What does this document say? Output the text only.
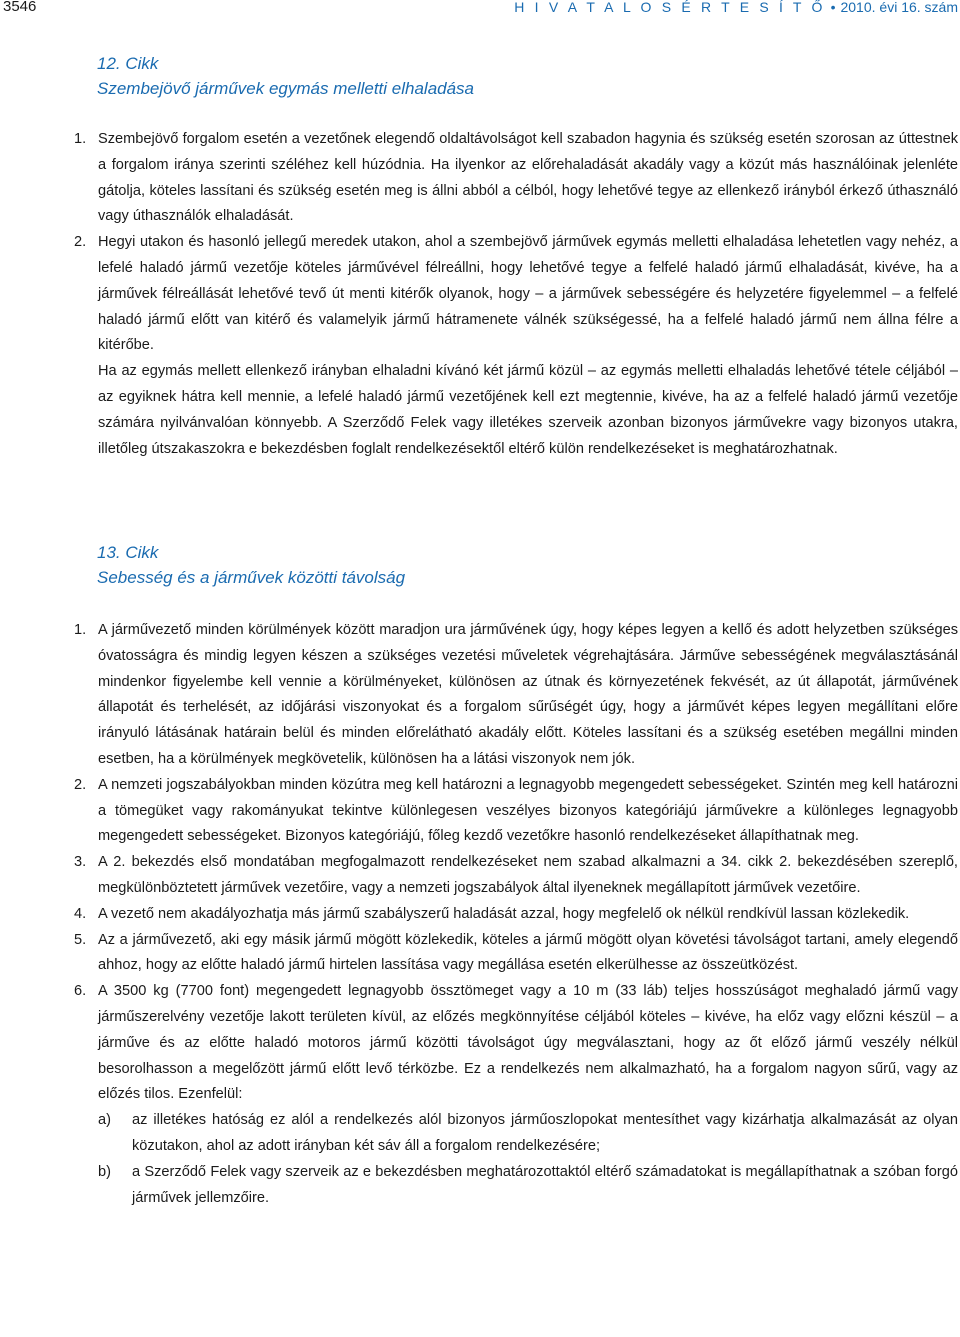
3546	H I V A T A L O S É R T E S Í T Ő • 2010. évi 16. szám
12. Cikk
Szembejövő járművek egymás melletti elhaladása

1. Szembejövő forgalom esetén a vezetőnek elegendő oldaltávolságot kell szabadon hagynia és szükség esetén szorosan az úttestnek a forgalom iránya szerinti széléhez kell húzódnia. Ha ilyenkor az előrehaladását akadály vagy a közút más használóinak jelenléte gátolja, köteles lassítani és szükség esetén meg is állni abból a célból, hogy lehetővé tegye az ellenkező irányból érkező úthasználó vagy úthasználók elhaladását.

2. Hegyi utakon és hasonló jellegű meredek utakon, ahol a szembejövő járművek egymás melletti elhaladása lehetetlen vagy nehéz, a lefelé haladó jármű vezetője köteles járművével félreállni, hogy lehetővé tegye a felfelé haladó jármű elhaladását, kivéve, ha a járművek félreállását lehetővé tevő út menti kitérők olyanok, hogy – a járművek sebességére és helyzetére figyelemmel – a felfelé haladó jármű előtt van kitérő és valamelyik jármű hátramenete válnék szükségessé, ha a felfelé haladó jármű nem állna félre a kitérőbe.

Ha az egymás mellett ellenkező irányban elhaladni kívánó két jármű közül – az egymás melletti elhaladás lehetővé tétele céljából – az egyiknek hátra kell mennie, a lefelé haladó jármű vezetőjének kell ezt megtennie, kivéve, ha az a felfelé haladó jármű vezetője számára nyilvánvalóan könnyebb. A Szerződő Felek vagy illetékes szerveik azonban bizonyos járművekre vagy bizonyos utakra, illetőleg útszakaszokra e bekezdésben foglalt rendelkezésektől eltérő külön rendelkezéseket is meghatározhatnak.

13. Cikk
Sebesség és a járművek közötti távolság

1. A járművezető minden körülmények között maradjon ura járművének úgy, hogy képes legyen a kellő és adott helyzetben szükséges óvatosságra és mindig legyen készen a szükséges vezetési műveletek végrehajtására. Járműve sebességének megválasztásánál mindenkor figyelembe kell vennie a körülményeket, különösen az útnak és környezetének fekvését, az út állapotát, járművének állapotát és terhelését, az időjárási viszonyokat és a forgalom sűrűségét úgy, hogy a járművét képes legyen megállítani előre irányuló látásának határain belül és minden előrelátható akadály előtt. Köteles lassítani és a szükség esetében megállni minden esetben, ha a körülmények megkövetelik, különösen ha a látási viszonyok nem jók.

2. A nemzeti jogszabályokban minden közútra meg kell határozni a legnagyobb megengedett sebességeket. Szintén meg kell határozni a tömegüket vagy rakományukat tekintve különlegesen veszélyes bizonyos kategóriájú járművekre a különleges legnagyobb megengedett sebességeket. Bizonyos kategóriájú, főleg kezdő vezetőkre hasonló rendelkezéseket állapíthatnak meg.

3. A 2. bekezdés első mondatában megfogalmazott rendelkezéseket nem szabad alkalmazni a 34. cikk 2. bekezdésében szereplő, megkülönböztetett járművek vezetőire, vagy a nemzeti jogszabályok által ilyeneknek megállapított járművek vezetőire.

4. A vezető nem akadályozhatja más jármű szabályszerű haladását azzal, hogy megfelelő ok nélkül rendkívül lassan közlekedik.

5. Az a járművezető, aki egy másik jármű mögött közlekedik, köteles a jármű mögött olyan követési távolságot tartani, amely elegendő ahhoz, hogy az előtte haladó jármű hirtelen lassítása vagy megállása esetén elkerülhesse az összeütközést.

6. A 3500 kg (7700 font) megengedett legnagyobb össztömeget vagy a 10 m (33 láb) teljes hosszúságot meghaladó jármű vagy járműszerelvény vezetője lakott területen kívül, az előzés megkönnyítése céljából köteles – kivéve, ha előz vagy előzni készül – a járműve és az előtte haladó motoros jármű közötti távolságot úgy megválasztani, hogy az őt előző jármű veszély nélkül besorolhasson a megelőzött jármű előtt levő térközbe. Ez a rendelkezés nem alkalmazható, ha a forgalom nagyon sűrű, vagy az előzés tilos. Ezenfelül:

a) az illetékes hatóság ez alól a rendelkezés alól bizonyos járműoszlopokat mentesíthet vagy kizárhatja alkalmazását az olyan közutakon, ahol az adott irányban két sáv áll a forgalom rendelkezésére;

b) a Szerződő Felek vagy szerveik az e bekezdésben meghatározottaktól eltérő számadatokat is megállapíthatnak a szóban forgó járművek jellemzőire.
